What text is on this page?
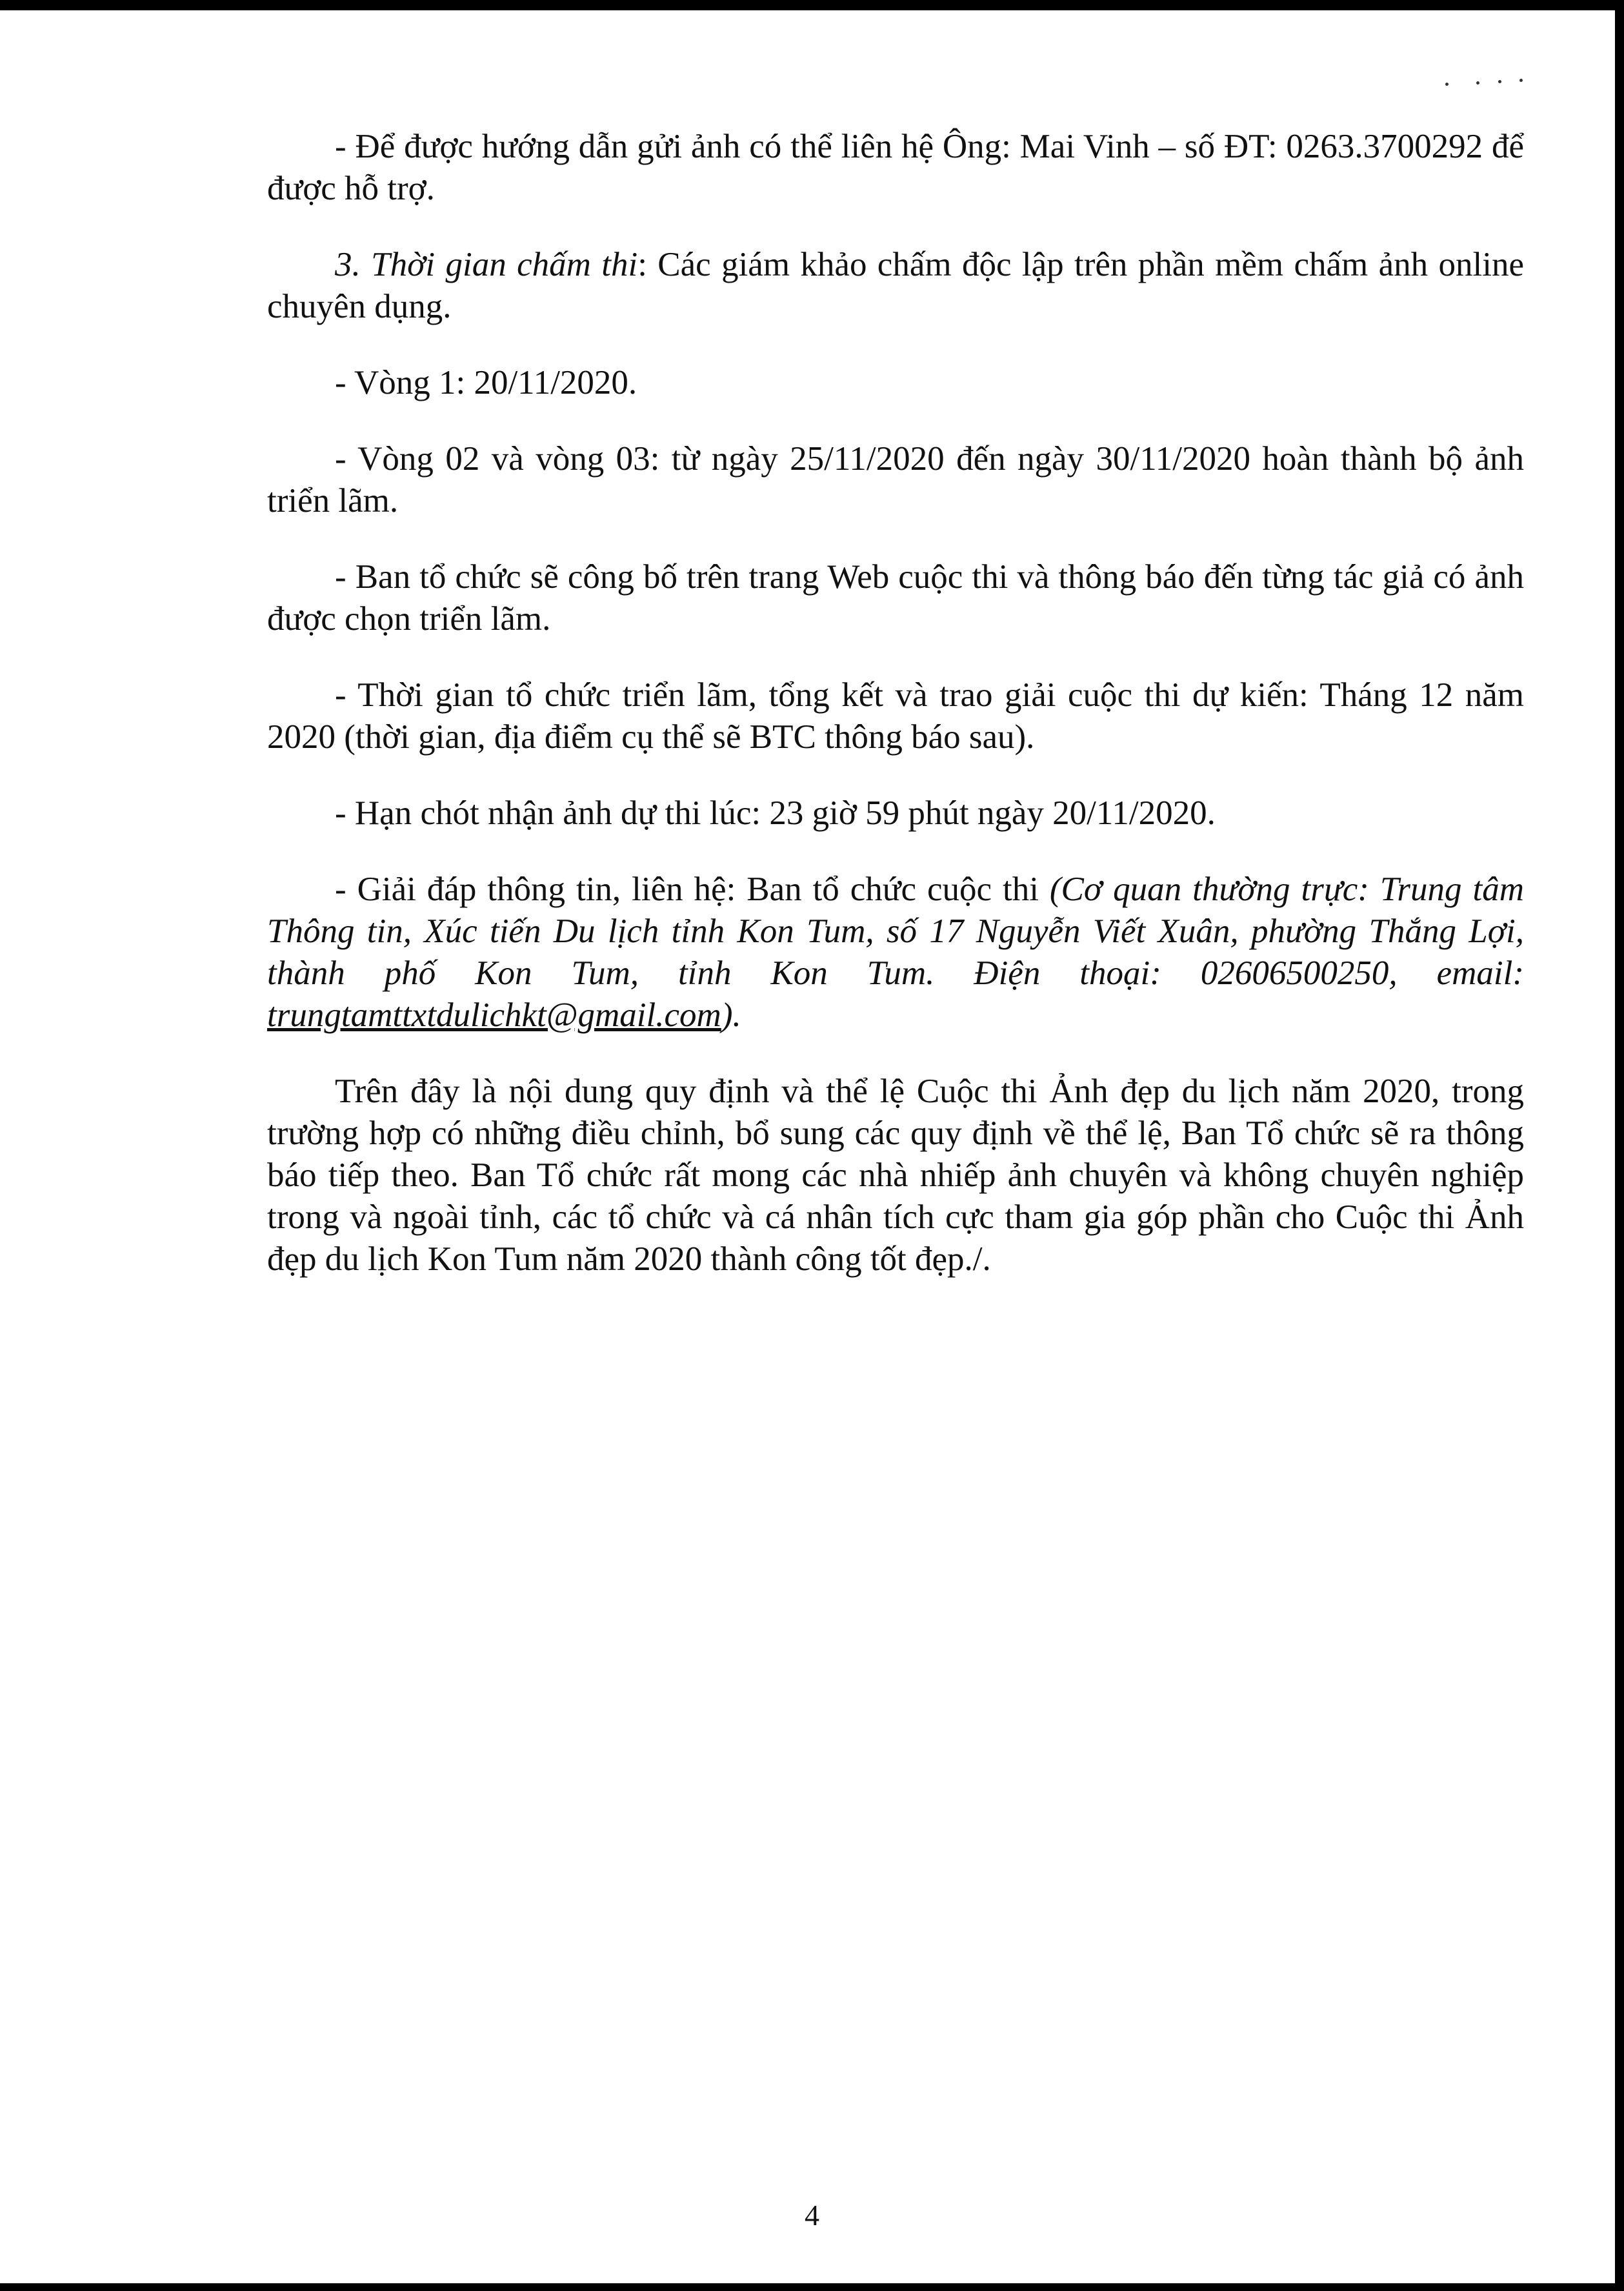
- Để được hướng dẫn gửi ảnh có thể liên hệ Ông: Mai Vinh – số ĐT: 0263.3700292 để được hỗ trợ.

3. Thời gian chấm thi: Các giám khảo chấm độc lập trên phần mềm chấm ảnh online chuyên dụng.

- Vòng 1: 20/11/2020.

- Vòng 02 và vòng 03: từ ngày 25/11/2020 đến ngày 30/11/2020 hoàn thành bộ ảnh triển lãm.

- Ban tổ chức sẽ công bố trên trang Web cuộc thi và thông báo đến từng tác giả có ảnh được chọn triển lãm.

- Thời gian tổ chức triển lãm, tổng kết và trao giải cuộc thi dự kiến: Tháng 12 năm 2020 (thời gian, địa điểm cụ thể sẽ BTC thông báo sau).

- Hạn chót nhận ảnh dự thi lúc: 23 giờ 59 phút ngày 20/11/2020.

- Giải đáp thông tin, liên hệ: Ban tổ chức cuộc thi (Cơ quan thường trực: Trung tâm Thông tin, Xúc tiến Du lịch tỉnh Kon Tum, số 17 Nguyễn Viết Xuân, phường Thắng Lợi, thành phố Kon Tum, tỉnh Kon Tum. Điện thoại: 02606500250, email: trungtamttxtdulichkt@gmail.com).

Trên đây là nội dung quy định và thể lệ Cuộc thi Ảnh đẹp du lịch năm 2020, trong trường hợp có những điều chỉnh, bổ sung các quy định về thể lệ, Ban Tổ chức sẽ ra thông báo tiếp theo. Ban Tổ chức rất mong các nhà nhiếp ảnh chuyên và không chuyên nghiệp trong và ngoài tỉnh, các tổ chức và cá nhân tích cực tham gia góp phần cho Cuộc thi Ảnh đẹp du lịch Kon Tum năm 2020 thành công tốt đẹp./.

4
